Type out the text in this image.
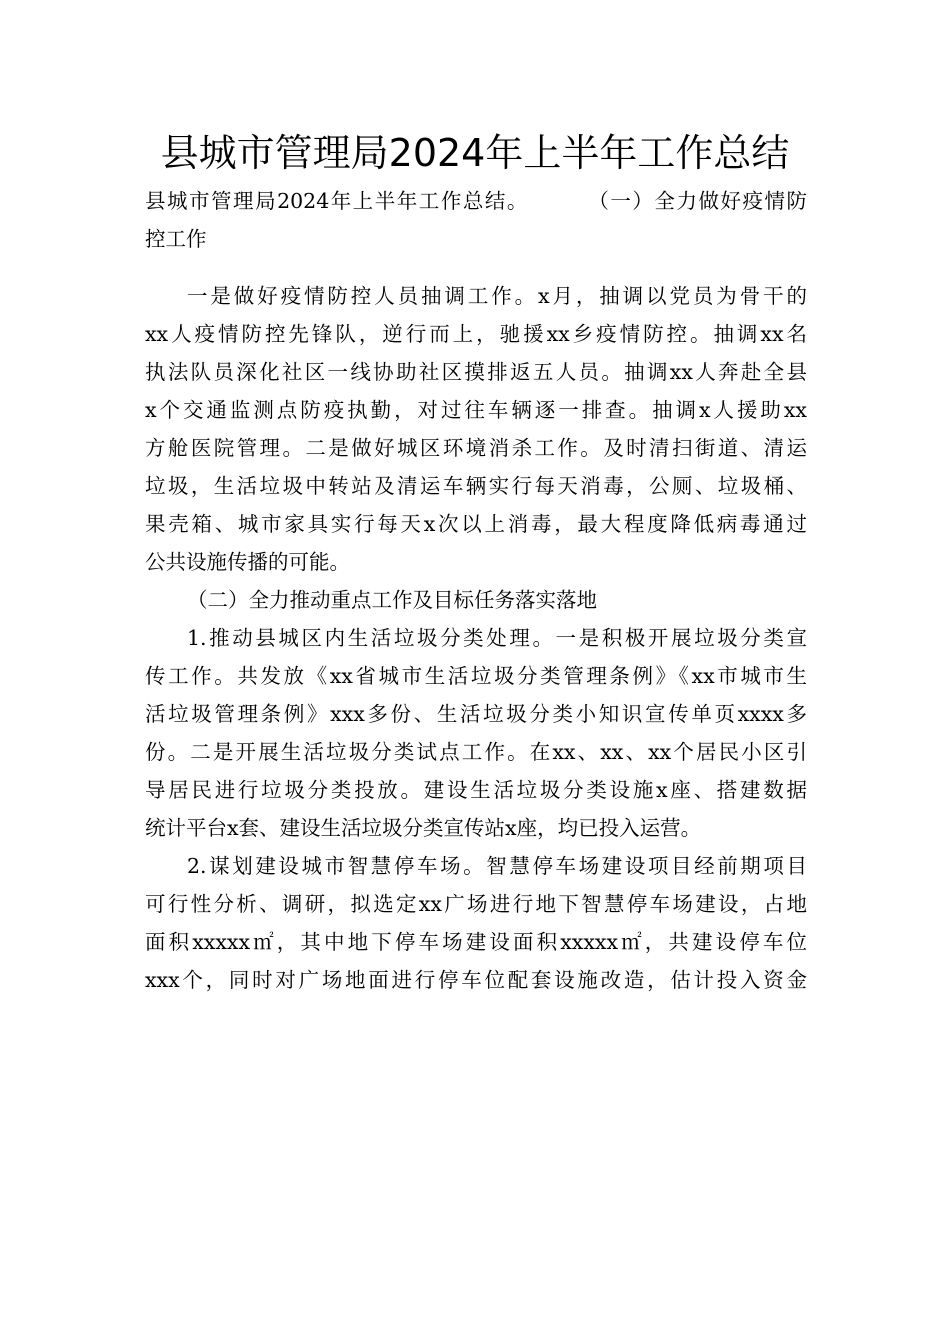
县城市管理局2024年上半年工作总结
县城市管理局2024年上半年工作总结。	（一）全力做好疫情防
控工作
一是做好疫情防控人员抽调工作。x月，抽调以党员为骨干的
xx人疫情防控先锋队，逆行而上，驰援xx乡疫情防控。抽调xx名
执法队员深化社区一线协助社区摸排返五人员。抽调xx人奔赴全县
x个交通监测点防疫执勤，对过往车辆逐一排查。抽调x人援助xx
方舱医院管理。二是做好城区环境消杀工作。及时清扫街道、清运
垃圾，生活垃圾中转站及清运车辆实行每天消毒，公厕、垃圾桶、
果壳箱、城市家具实行每天x次以上消毒，最大程度降低病毒通过
公共设施传播的可能。
（二）全力推动重点工作及目标任务落实落地
1.推动县城区内生活垃圾分类处理。一是积极开展垃圾分类宣
传工作。共发放《xx省城市生活垃圾分类管理条例》《xx市城市生
活垃圾管理条例》xxx多份、生活垃圾分类小知识宣传单页xxxx多
份。二是开展生活垃圾分类试点工作。在xx、xx、xx个居民小区引
导居民进行垃圾分类投放。建设生活垃圾分类设施x座、搭建数据
统计平台x套、建设生活垃圾分类宣传站x座，均已投入运营。
2.谋划建设城市智慧停车场。智慧停车场建设项目经前期项目
可行性分析、调研，拟选定xx广场进行地下智慧停车场建设，占地
面积xxxxx㎡，其中地下停车场建设面积xxxxx㎡，共建设停车位
xxx个，同时对广场地面进行停车位配套设施改造，估计投入资金
